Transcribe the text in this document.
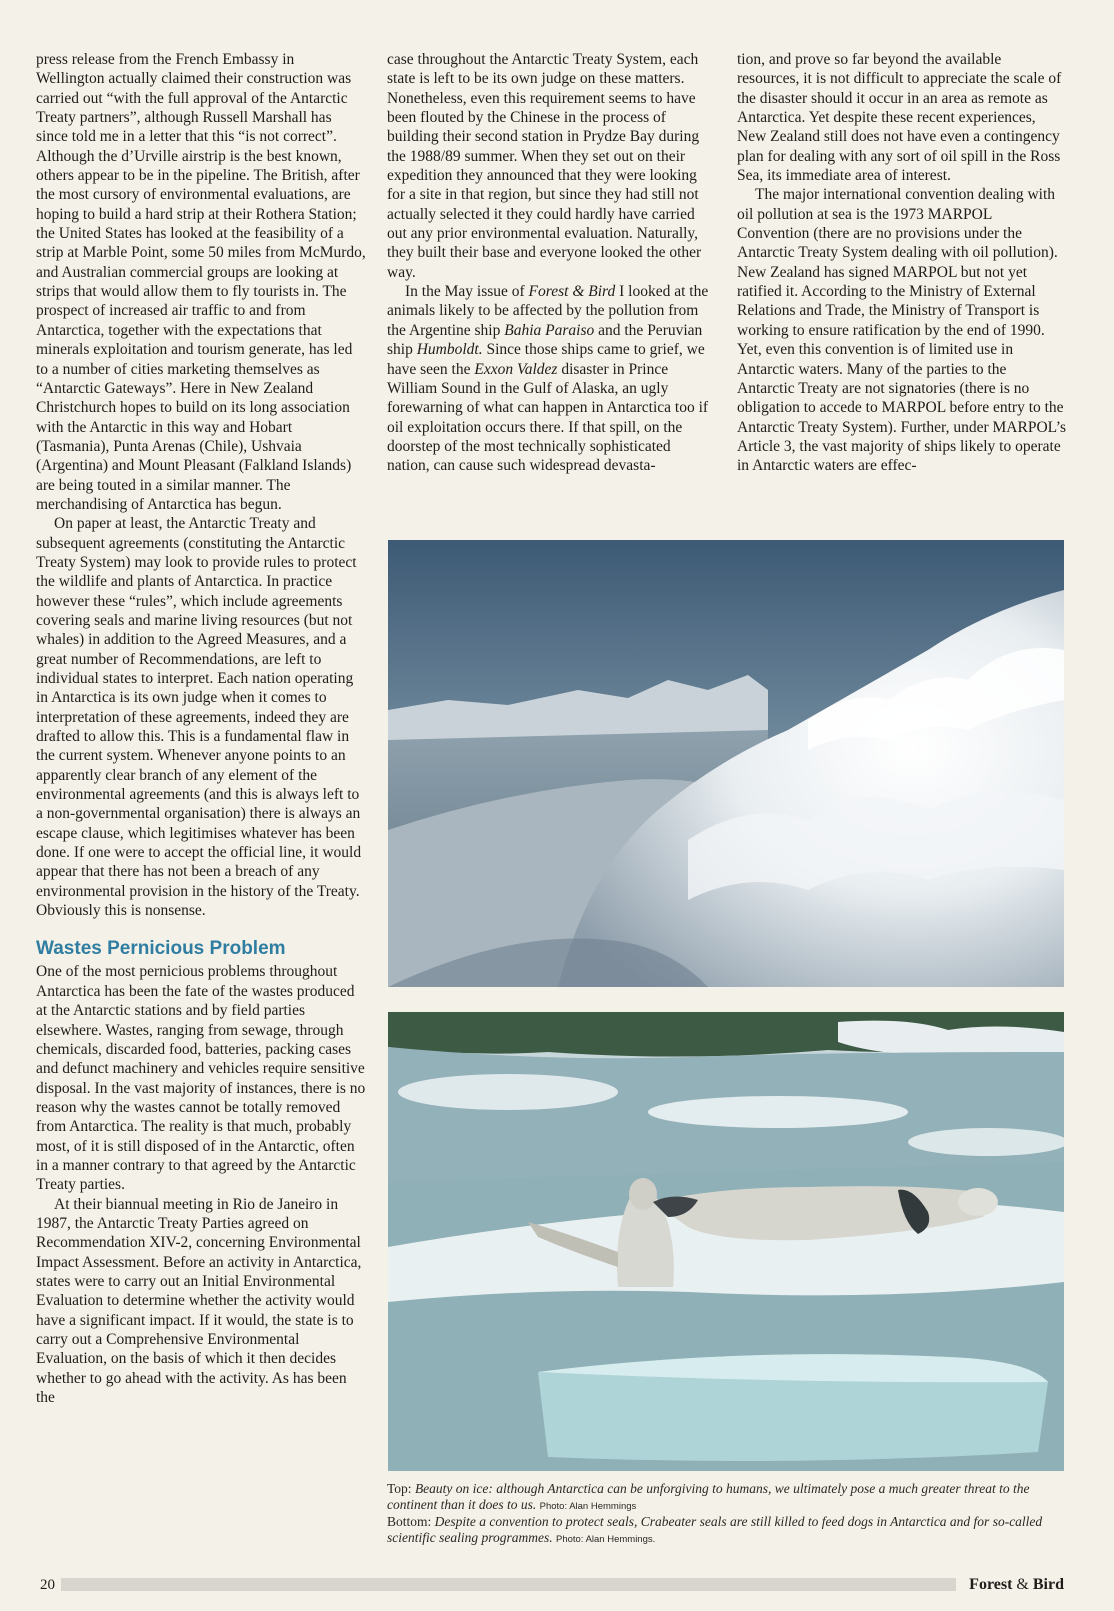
press release from the French Embassy in Wellington actually claimed their construction was carried out “with the full approval of the Antarctic Treaty partners”, although Russell Marshall has since told me in a letter that this “is not correct”. Although the d’Urville airstrip is the best known, others appear to be in the pipeline. The British, after the most cursory of environmental evaluations, are hoping to build a hard strip at their Rothera Station; the United States has looked at the feasibility of a strip at Marble Point, some 50 miles from McMurdo, and Australian commercial groups are looking at strips that would allow them to fly tourists in. The prospect of increased air traffic to and from Antarctica, together with the expectations that minerals exploitation and tourism generate, has led to a number of cities marketing themselves as “Antarctic Gateways”. Here in New Zealand Christchurch hopes to build on its long association with the Antarctic in this way and Hobart (Tasmania), Punta Arenas (Chile), Ushvaia (Argentina) and Mount Pleasant (Falkland Islands) are being touted in a similar manner. The merchandising of Antarctica has begun.

On paper at least, the Antarctic Treaty and subsequent agreements (constituting the Antarctic Treaty System) may look to provide rules to protect the wildlife and plants of Antarctica. In practice however these “rules”, which include agreements covering seals and marine living resources (but not whales) in addition to the Agreed Measures, and a great number of Recommendations, are left to individual states to interpret. Each nation operating in Antarctica is its own judge when it comes to interpretation of these agreements, indeed they are drafted to allow this. This is a fundamental flaw in the current system. Whenever anyone points to an apparently clear branch of any element of the environmental agreements (and this is always left to a non-governmental organisation) there is always an escape clause, which legitimises whatever has been done. If one were to accept the official line, it would appear that there has not been a breach of any environmental provision in the history of the Treaty. Obviously this is nonsense.

Wastes Pernicious Problem

One of the most pernicious problems throughout Antarctica has been the fate of the wastes produced at the Antarctic stations and by field parties elsewhere. Wastes, ranging from sewage, through chemicals, discarded food, batteries, packing cases and defunct machinery and vehicles require sensitive disposal. In the vast majority of instances, there is no reason why the wastes cannot be totally removed from Antarctica. The reality is that much, probably most, of it is still disposed of in the Antarctic, often in a manner contrary to that agreed by the Antarctic Treaty parties.

At their biannual meeting in Rio de Janeiro in 1987, the Antarctic Treaty Parties agreed on Recommendation XIV-2, concerning Environmental Impact Assessment. Before an activity in Antarctica, states were to carry out an Initial Environmental Evaluation to determine whether the activity would have a significant impact. If it would, the state is to carry out a Comprehensive Environmental Evaluation, on the basis of which it then decides whether to go ahead with the activity. As has been the

case throughout the Antarctic Treaty System, each state is left to be its own judge on these matters. Nonetheless, even this requirement seems to have been flouted by the Chinese in the process of building their second station in Prydze Bay during the 1988/89 summer. When they set out on their expedition they announced that they were looking for a site in that region, but since they had still not actually selected it they could hardly have carried out any prior environmental evaluation. Naturally, they built their base and everyone looked the other way.

In the May issue of Forest & Bird I looked at the animals likely to be affected by the pollution from the Argentine ship Bahia Paraiso and the Peruvian ship Humboldt. Since those ships came to grief, we have seen the Exxon Valdez disaster in Prince William Sound in the Gulf of Alaska, an ugly forewarning of what can happen in Antarctica too if oil exploitation occurs there. If that spill, on the doorstep of the most technically sophisticated nation, can cause such widespread devasta-

tion, and prove so far beyond the available resources, it is not difficult to appreciate the scale of the disaster should it occur in an area as remote as Antarctica. Yet despite these recent experiences, New Zealand still does not have even a contingency plan for dealing with any sort of oil spill in the Ross Sea, its immediate area of interest.

The major international convention dealing with oil pollution at sea is the 1973 MARPOL Convention (there are no provisions under the Antarctic Treaty System dealing with oil pollution). New Zealand has signed MARPOL but not yet ratified it. According to the Ministry of External Relations and Trade, the Ministry of Transport is working to ensure ratification by the end of 1990. Yet, even this convention is of limited use in Antarctic waters. Many of the parties to the Antarctic Treaty are not signatories (there is no obligation to accede to MARPOL before entry to the Antarctic Treaty System). Further, under MARPOL’s Article 3, the vast majority of ships likely to operate in Antarctic waters are effec-

Top: Beauty on ice: although Antarctica can be unforgiving to humans, we ultimately pose a much greater threat to the continent than it does to us. Photo: Alan Hemmings

Bottom: Despite a convention to protect seals, Crabeater seals are still killed to feed dogs in Antarctica and for so-called scientific sealing programmes. Photo: Alan Hemmings.

20	Forest & Bird
